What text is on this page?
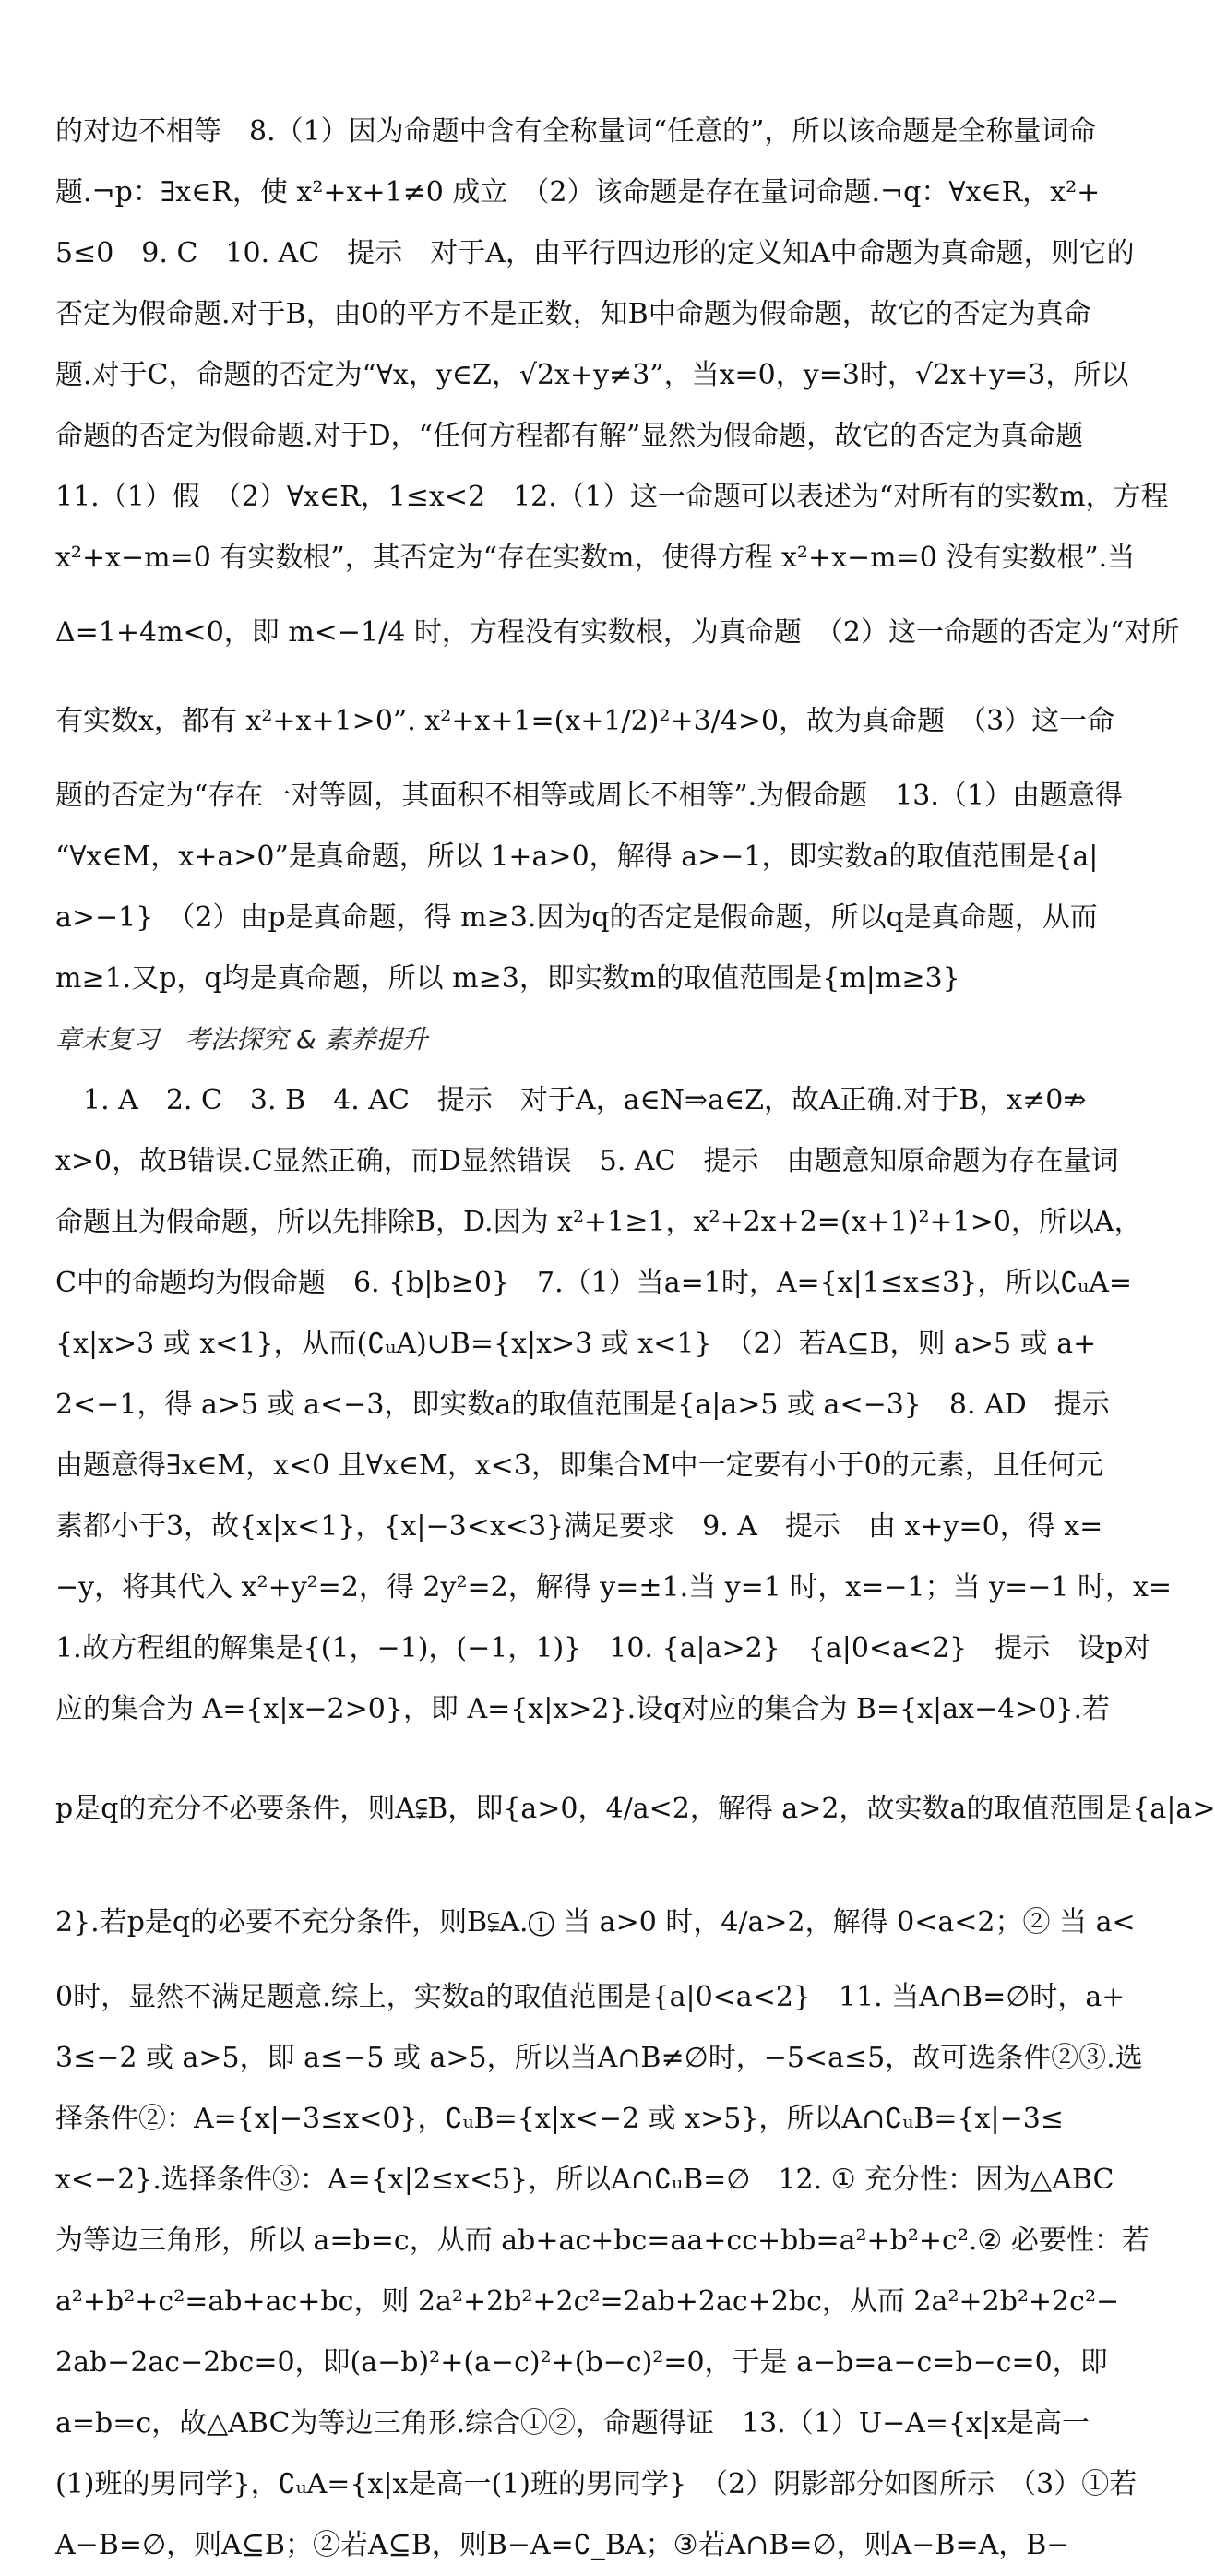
的对边不相等　8.（1）因为命题中含有全称量词“任意的”，所以该命题是全称量词命
题.¬p：∃x∈R，使 x²+x+1≠0 成立　（2）该命题是存在量词命题.¬q：∀x∈R，x²+
5≤0　9. C　10. AC　提示　对于A，由平行四边形的定义知A中命题为真命题，则它的
否定为假命题.对于B，由0的平方不是正数，知B中命题为假命题，故它的否定为真命
题.对于C，命题的否定为“∀x，y∈Z，√2x+y≠3”，当x=0，y=3时，√2x+y=3，所以
命题的否定为假命题.对于D，“任何方程都有解”显然为假命题，故它的否定为真命题
11.（1）假　（2）∀x∈R，1≤x<2　12.（1）这一命题可以表述为“对所有的实数m，方程
x²+x−m=0 有实数根”，其否定为“存在实数m，使得方程 x²+x−m=0 没有实数根”.当
Δ=1+4m<0，即 m<−1/4 时，方程没有实数根，为真命题　（2）这一命题的否定为“对所
有实数x，都有 x²+x+1>0”. x²+x+1=(x+1/2)²+3/4>0，故为真命题　（3）这一命
题的否定为“存在一对等圆，其面积不相等或周长不相等”.为假命题　13.（1）由题意得
“∀x∈M，x+a>0”是真命题，所以 1+a>0，解得 a>−1，即实数a的取值范围是{a|
a>−1}　（2）由p是真命题，得 m≥3.因为q的否定是假命题，所以q是真命题，从而
m≥1.又p，q均是真命题，所以 m≥3，即实数m的取值范围是{m|m≥3}
章末复习　考法探究 & 素养提升
　1. A　2. C　3. B　4. AC　提示　对于A，a∈N⇒a∈Z，故A正确.对于B，x≠0⇏
x>0，故B错误.C显然正确，而D显然错误　5. AC　提示　由题意知原命题为存在量词
命题且为假命题，所以先排除B，D.因为 x²+1≥1，x²+2x+2=(x+1)²+1>0，所以A，
C中的命题均为假命题　6. {b|b≥0}　7.（1）当a=1时，A={x|1≤x≤3}，所以∁ᵤA=
{x|x>3 或 x<1}，从而(∁ᵤA)∪B={x|x>3 或 x<1}　（2）若A⊆B，则 a>5 或 a+
2<−1，得 a>5 或 a<−3，即实数a的取值范围是{a|a>5 或 a<−3}　8. AD　提示
由题意得∃x∈M，x<0 且∀x∈M，x<3，即集合M中一定要有小于0的元素，且任何元
素都小于3，故{x|x<1}，{x|−3<x<3}满足要求　9. A　提示　由 x+y=0，得 x=
−y，将其代入 x²+y²=2，得 2y²=2，解得 y=±1.当 y=1 时，x=−1；当 y=−1 时，x=
1.故方程组的解集是{(1，−1)，(−1，1)}　10. {a|a>2}　{a|0<a<2}　提示　设p对
应的集合为 A={x|x−2>0}，即 A={x|x>2}.设q对应的集合为 B={x|ax−4>0}.若
p是q的充分不必要条件，则A⫋B，即{a>0，4/a<2，解得 a>2，故实数a的取值范围是{a|a>
2}.若p是q的必要不充分条件，则B⫋A.① 当 a>0 时，4/a>2，解得 0<a<2；② 当 a<
0时，显然不满足题意.综上，实数a的取值范围是{a|0<a<2}　11. 当A∩B=∅时，a+
3≤−2 或 a>5，即 a≤−5 或 a>5，所以当A∩B≠∅时，−5<a≤5，故可选条件②③.选
择条件②：A={x|−3≤x<0}，∁ᵤB={x|x<−2 或 x>5}，所以A∩∁ᵤB={x|−3≤
x<−2}.选择条件③：A={x|2≤x<5}，所以A∩∁ᵤB=∅　12. ① 充分性：因为△ABC
为等边三角形，所以 a=b=c，从而 ab+ac+bc=aa+cc+bb=a²+b²+c².② 必要性：若
a²+b²+c²=ab+ac+bc，则 2a²+2b²+2c²=2ab+2ac+2bc，从而 2a²+2b²+2c²−
2ab−2ac−2bc=0，即(a−b)²+(a−c)²+(b−c)²=0，于是 a−b=a−c=b−c=0，即
a=b=c，故△ABC为等边三角形.综合①②，命题得证　13.（1）U−A={x|x是高一
(1)班的男同学}，∁ᵤA={x|x是高一(1)班的男同学}　（2）阴影部分如图所示　（3）①若
A−B=∅，则A⊆B；②若A⊆B，则B−A=∁_BA；③若A∩B=∅，则A−B=A，B−
